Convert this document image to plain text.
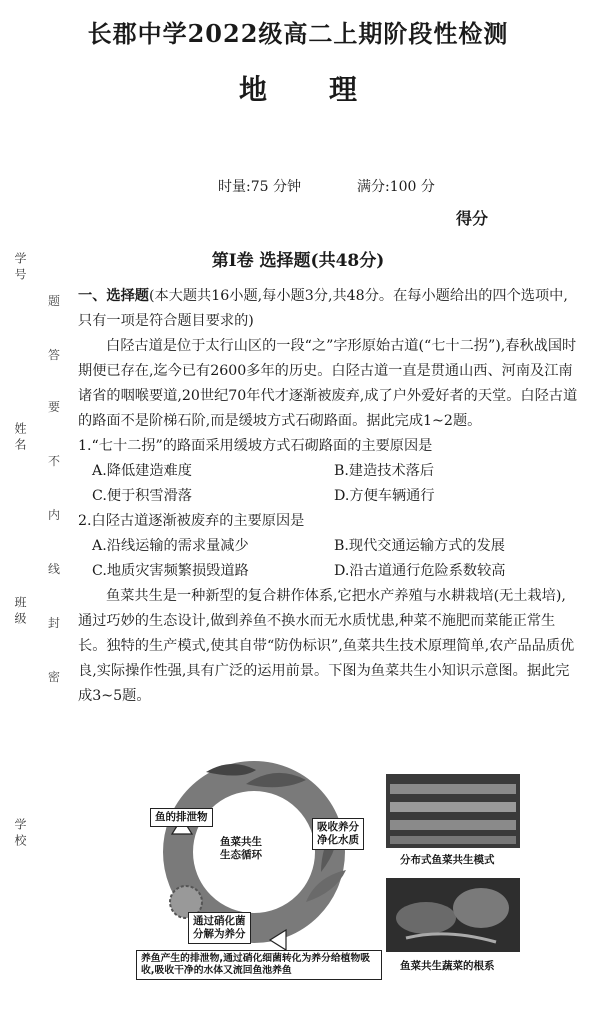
长郡中学2022级高二上期阶段性检测
地理
时量:75 分钟	满分:100 分
得分
学号
姓名
班级
学校
题
答
要
不
内
线
封
密
第Ⅰ卷 选择题(共48分)

一、选择题(本大题共16小题,每小题3分,共48分。在每小题给出的四个选项中,只有一项是符合题目要求的)

白陉古道是位于太行山区的一段“之”字形原始古道(“七十二拐”),春秋战国时期便已存在,迄今已有2600多年的历史。白陉古道一直是贯通山西、河南及江南诸省的咽喉要道,20世纪70年代才逐渐被废弃,成了户外爱好者的天堂。白陉古道的路面不是阶梯石阶,而是缓坡方式石砌路面。据此完成1~2题。

1.“七十二拐”的路面采用缓坡方式石砌路面的主要原因是

A.降低建造难度	B.建造技术落后
C.便于积雪滑落	D.方便车辆通行

2.白陉古道逐渐被废弃的主要原因是

A.沿线运输的需求量减少	B.现代交通运输方式的发展
C.地质灾害频繁损毁道路	D.沿古道通行危险系数较高

鱼菜共生是一种新型的复合耕作体系,它把水产养殖与水耕栽培(无土栽培),通过巧妙的生态设计,做到养鱼不换水而无水质忧患,种菜不施肥而菜能正常生长。独特的生产模式,使其自带“防伪标识”,鱼菜共生技术原理简单,农产品品质优良,实际操作性强,具有广泛的运用前景。下图为鱼菜共生小知识示意图。据此完成3~5题。

鱼的排泄物
吸收养分
净化水质
鱼菜共生
生态循环
通过硝化菌
分解为养分
养鱼产生的排泄物,通过硝化细菌转化为养分给植物吸收,吸收干净的水体又流回鱼池养鱼
分布式鱼菜共生模式
鱼菜共生蔬菜的根系
